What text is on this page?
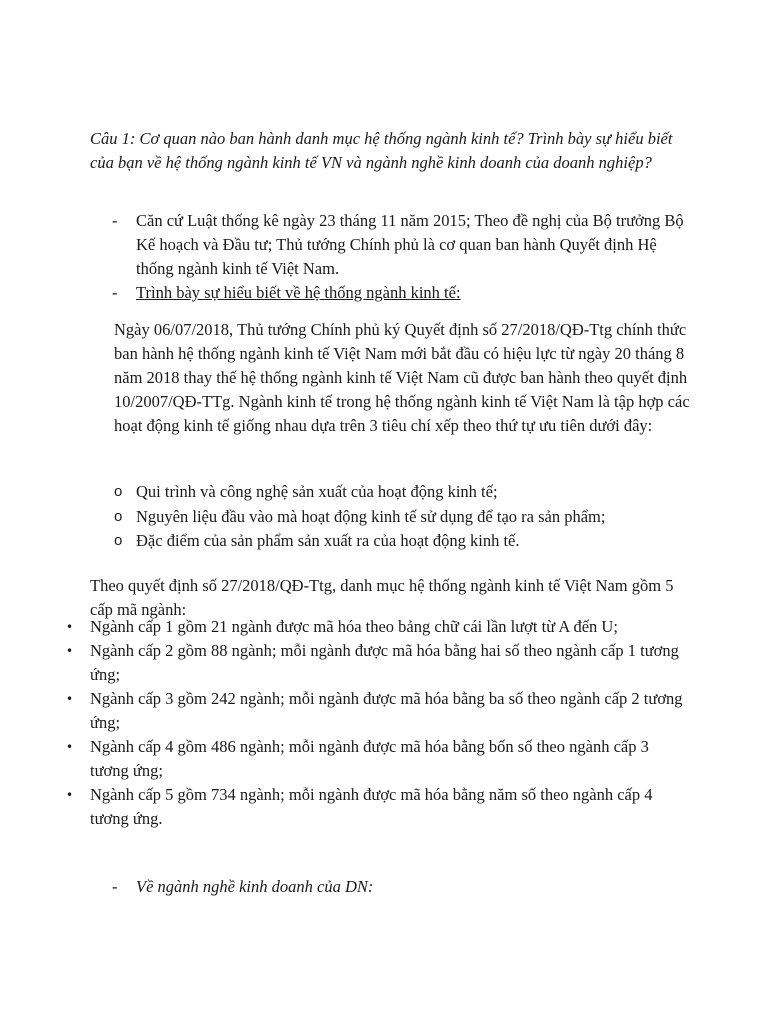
Câu 1: Cơ quan nào ban hành danh mục hệ thống ngành kinh tế? Trình bày sự hiểu biết của bạn về hệ thống ngành kinh tế VN và ngành nghề kinh doanh của doanh nghiệp?

- Căn cứ Luật thống kê ngày 23 tháng 11 năm 2015; Theo đề nghị của Bộ trưởng Bộ Kế hoạch và Đầu tư; Thủ tướng Chính phủ là cơ quan ban hành Quyết định Hệ thống ngành kinh tế Việt Nam.
- Trình bày sự hiểu biết về hệ thống ngành kinh tế:

Ngày 06/07/2018, Thủ tướng Chính phủ ký Quyết định số 27/2018/QĐ-Ttg chính thức ban hành hệ thống ngành kinh tế Việt Nam mới bắt đầu có hiệu lực từ ngày 20 tháng 8 năm 2018 thay thế hệ thống ngành kinh tế Việt Nam cũ được ban hành theo quyết định 10/2007/QĐ-TTg. Ngành kinh tế trong hệ thống ngành kinh tế Việt Nam là tập hợp các hoạt động kinh tế giống nhau dựa trên 3 tiêu chí xếp theo thứ tự ưu tiên dưới đây:

o Qui trình và công nghệ sản xuất của hoạt động kinh tế;
o Nguyên liệu đầu vào mà hoạt động kinh tế sử dụng để tạo ra sản phẩm;
o Đặc điểm của sản phẩm sản xuất ra của hoạt động kinh tế.

Theo quyết định số 27/2018/QĐ-Ttg, danh mục hệ thống ngành kinh tế Việt Nam gồm 5 cấp mã ngành:

• Ngành cấp 1 gồm 21 ngành được mã hóa theo bảng chữ cái lần lượt từ A đến U;
• Ngành cấp 2 gồm 88 ngành; mỗi ngành được mã hóa bằng hai số theo ngành cấp 1 tương ứng;
• Ngành cấp 3 gồm 242 ngành; mỗi ngành được mã hóa bằng ba số theo ngành cấp 2 tương ứng;
• Ngành cấp 4 gồm 486 ngành; mỗi ngành được mã hóa bằng bốn số theo ngành cấp 3 tương ứng;
• Ngành cấp 5 gồm 734 ngành; mỗi ngành được mã hóa bằng năm số theo ngành cấp 4 tương ứng.
- Về ngành nghề kinh doanh của DN:
